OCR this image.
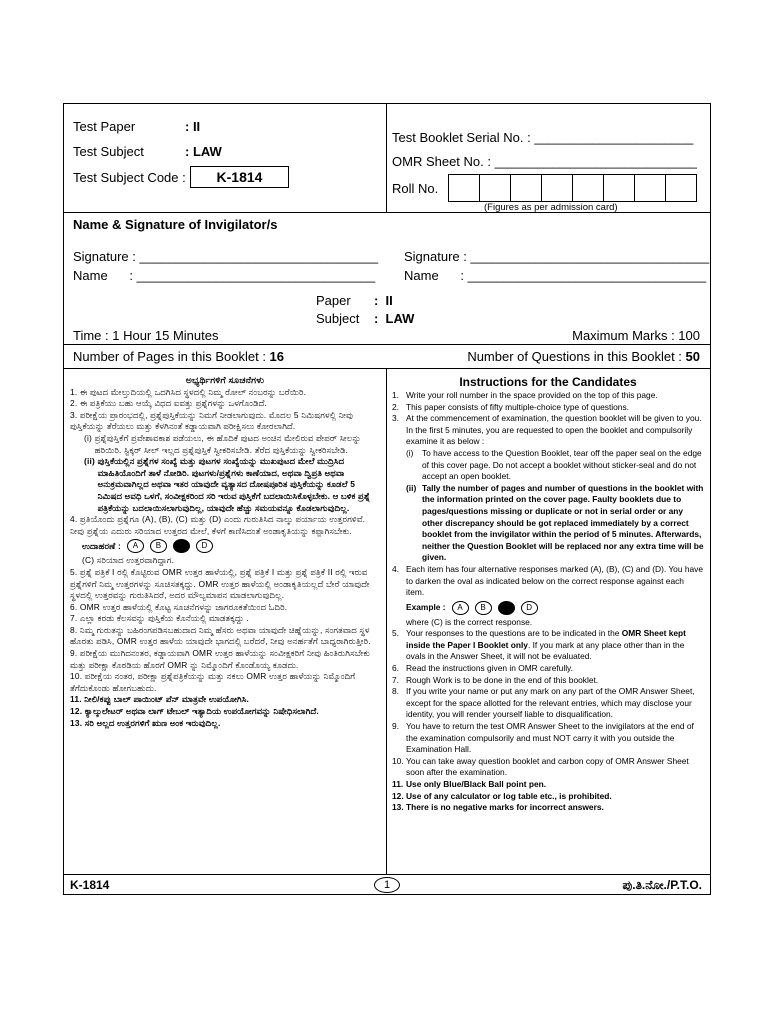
Test Paper	: II
Test Subject	: LAW
Test Subject Code :	K-1814
Test Booklet Serial No. : ______________________
OMR Sheet No. : ____________________________
Roll No.
(Figures as per admission card)
Name & Signature of Invigilator/s
Signature : _________________________________
Name      : _________________________________
Signature : _________________________________
Name      : _________________________________
Paper :  II
Subject :  LAW
Time : 1 Hour 15 Minutes	Maximum Marks : 100
Number of Pages in this Booklet : 16	Number of Questions in this Booklet : 50

ಅಭ್ಯರ್ಥಿಗಳಿಗೆ ಸೂಚನೆಗಳು

1. ಈ ಪುಟದ ಮೇಲ್ತುದಿಯಲ್ಲಿ ಒದಗಿಸಿದ ಸ್ಥಳದಲ್ಲಿ ನಿಮ್ಮ ರೋಲ್ ನಂಬರನ್ನು ಬರೆಯಿರಿ.

2. ಈ ಪತ್ರಿಕೆಯು ಬಹು ಆಯ್ಕೆ ವಿಧದ ಐವತ್ತು ಪ್ರಶ್ನೆಗಳನ್ನು ಒಳಗೊಂಡಿದೆ.

3. ಪರೀಕ್ಷೆಯ ಪ್ರಾರಂಭದಲ್ಲಿ, ಪ್ರಶ್ನೆಪುಸ್ತಿಕೆಯನ್ನು ನಿಮಗೆ ನೀಡಲಾಗುವುದು. ಮೊದಲ 5 ನಿಮಿಷಗಳಲ್ಲಿ ನೀವು ಪುಸ್ತಿಕೆಯನ್ನು ತೆರೆಯಲು ಮತ್ತು ಕೆಳಗಿನಂತೆ ಕಡ್ಡಾಯವಾಗಿ ಪರೀಕ್ಷಿಸಲು ಕೋರಲಾಗಿದೆ.

(i) ಪ್ರಶ್ನೆಪುಸ್ತಿಕೆಗೆ ಪ್ರವೇಶಾವಕಾಶ ಪಡೆಯಲು, ಈ ಹೊದಿಕೆ ಪುಟದ ಅಂಚಿನ ಮೇಲಿರುವ ಪೇಪರ್ ಸೀಲನ್ನು ಹರಿಯಿರಿ. ಸ್ಟಿಕ್ಕರ್ ಸೀಲ್ ಇಲ್ಲದ ಪ್ರಶ್ನೆಪುಸ್ತಿಕೆ ಸ್ವೀಕರಿಸಬೇಡಿ. ತೆರೆದ ಪುಸ್ತಿಕೆಯನ್ನು ಸ್ವೀಕರಿಸಬೇಡಿ.
(ii) ಪುಸ್ತಿಕೆಯಲ್ಲಿನ ಪ್ರಶ್ನೆಗಳ ಸಂಖ್ಯೆ ಮತ್ತು ಪುಟಗಳ ಸಂಖ್ಯೆಯನ್ನು ಮುಖಪುಟದ ಮೇಲೆ ಮುದ್ರಿಸಿದ ಮಾಹಿತಿಯೊಂದಿಗೆ ತಾಳೆ ನೋಡಿರಿ. ಪುಟಗಳು/ಪ್ರಶ್ನೆಗಳು ಕಾಣೆಯಾದ, ಅಥವಾ ದ್ವಿಪ್ರತಿ ಅಥವಾ ಅನುಕ್ರಮವಾಗಿಲ್ಲದ ಅಥವಾ ಇತರ ಯಾವುದೇ ವ್ಯತ್ಯಾಸದ ದೋಷಪೂರಿತ ಪುಸ್ತಿಕೆಯನ್ನು ಕೂಡಲೆ 5 ನಿಮಿಷದ ಅವಧಿ ಒಳಗೆ, ಸಂವೀಕ್ಷಕರಿಂದ ಸರಿ ಇರುವ ಪುಸ್ತಿಕೆಗೆ ಬದಲಾಯಿಸಿಕೊಳ್ಳಬೇಕು. ಆ ಬಳಿಕ ಪ್ರಶ್ನೆ ಪತ್ರಿಕೆಯನ್ನು ಬದಲಾಯಿಸಲಾಗುವುದಿಲ್ಲ, ಯಾವುದೇ ಹೆಚ್ಚು ಸಮಯವನ್ನೂ ಕೊಡಲಾಗುವುದಿಲ್ಲ.

4. ಪ್ರತಿಯೊಂದು ಪ್ರಶ್ನೆಗೂ (A), (B), (C) ಮತ್ತು (D) ಎಂದು ಗುರುತಿಸಿದ ನಾಲ್ಕು ಪರ್ಯಾಯ ಉತ್ತರಗಳಿವೆ. ನೀವು ಪ್ರಶ್ನೆಯ ಎದುರು ಸರಿಯಾದ ಉತ್ತರದ ಮೇಲೆ, ಕೆಳಗೆ ಕಾಣಿಸಿದಂತೆ ಅಂಡಾಕೃತಿಯನ್ನು ಕಪ್ಪಾಗಿಸಬೇಕು.

ಉದಾಹರಣೆ :	A	B	D

(C) ಸರಿಯಾದ ಉತ್ತರವಾಗಿದ್ದಾಗ.

5. ಪ್ರಶ್ನೆ ಪತ್ರಿಕೆ I ರಲ್ಲಿ ಕೊಟ್ಟಿರುವ OMR ಉತ್ತರ ಹಾಳೆಯಲ್ಲಿ, ಪ್ರಶ್ನೆ ಪತ್ರಿಕೆ I ಮತ್ತು ಪ್ರಶ್ನೆ ಪತ್ರಿಕೆ II ರಲ್ಲಿ ಇರುವ ಪ್ರಶ್ನೆಗಳಿಗೆ ನಿಮ್ಮ ಉತ್ತರಗಳನ್ನು ಸೂಚಿಸತಕ್ಕದ್ದು. OMR ಉತ್ತರ ಹಾಳೆಯಲ್ಲಿ ಅಂಡಾಕೃತಿಯಲ್ಲದೆ ಬೇರೆ ಯಾವುದೇ ಸ್ಥಳದಲ್ಲಿ ಉತ್ತರವನ್ನು ಗುರುತಿಸಿದರೆ, ಅದರ ಮೌಲ್ಯಮಾಪನ ಮಾಡಲಾಗುವುದಿಲ್ಲ.

6. OMR ಉತ್ತರ ಹಾಳೆಯಲ್ಲಿ ಕೊಟ್ಟ ಸೂಚನೆಗಳನ್ನು ಜಾಗರೂಕತೆಯಿಂದ ಓದಿರಿ.

7. ಎಲ್ಲಾ ಕರಡು ಕೆಲಸವನ್ನು ಪುಸ್ತಿಕೆಯ ಕೊನೆಯಲ್ಲಿ ಮಾಡತಕ್ಕದ್ದು .

8. ನಿಮ್ಮ ಗುರುತನ್ನು ಬಹಿರಂಗಪಡಿಸಬಹುದಾದ ನಿಮ್ಮ ಹೆಸರು ಅಥವಾ ಯಾವುದೇ ಚಿಹ್ನೆಯನ್ನು, ಸಂಗತವಾದ ಸ್ಥಳ ಹೊರತು ಪಡಿಸಿ, OMR ಉತ್ತರ ಹಾಳೆಯ ಯಾವುದೇ ಭಾಗದಲ್ಲಿ ಬರೆದರೆ, ನೀವು ಅನರ್ಹತೆಗೆ ಬಾಧ್ಯರಾಗಿರುತ್ತೀರಿ.

9. ಪರೀಕ್ಷೆಯ ಮುಗಿದನಂತರ, ಕಡ್ಡಾಯವಾಗಿ OMR ಉತ್ತರ ಹಾಳೆಯನ್ನು ಸಂವೀಕ್ಷಕರಿಗೆ ನೀವು ಹಿಂತಿರುಗಿಸಬೇಕು ಮತ್ತು ಪರೀಕ್ಷಾ ಕೊಠಡಿಯ ಹೊರಗೆ OMR ನ್ನು ನಿಮ್ಮೊಂದಿಗೆ ಕೊಂಡೊಯ್ಯ ಕೂಡದು.

10. ಪರೀಕ್ಷೆಯ ನಂತರ, ಪರೀಕ್ಷಾ ಪ್ರಶ್ನೆಪತ್ರಿಕೆಯನ್ನು ಮತ್ತು ನಕಲು OMR ಉತ್ತರ ಹಾಳೆಯನ್ನು ನಿಮ್ಮೊಂದಿಗೆ ತೆಗೆದುಕೊಂಡು ಹೋಗಬಹುದು.

11. ನೀಲಿ/ಕಪ್ಪು ಬಾಲ್ ಪಾಯಿಂಟ್ ಪೆನ್ ಮಾತ್ರವೇ ಉಪಯೋಗಿಸಿ.

12. ಕ್ಯಾಲ್ಕುಲೇಟರ್ ಅಥವಾ ಲಾಗ್ ಟೇಬಲ್ ಇತ್ಯಾದಿಯ ಉಪಯೋಗವನ್ನು ನಿಷೇಧಿಸಲಾಗಿದೆ.

13. ಸರಿ ಅಲ್ಲದ ಉತ್ತರಗಳಿಗೆ ಋಣ ಅಂಕ ಇರುವುದಿಲ್ಲ.

Instructions for the Candidates

1. Write your roll number in the space provided on the top of this page.
2. This paper consists of fifty multiple-choice type of questions.
3. At the commencement of examination, the question booklet will be given to you. In the first 5 minutes, you are requested to open the booklet and compulsorily examine it as below :
(i)	To have access to the Question Booklet, tear off the paper seal on the edge of this cover page. Do not accept a booklet without sticker-seal and do not accept an open booklet.
(ii) Tally the number of pages and number of questions in the booklet with the information printed on the cover page. Faulty booklets due to pages/questions missing or duplicate or not in serial order or any other discrepancy should be got replaced immediately by a correct booklet from the invigilator within the period of 5 minutes. Afterwards, neither the Question Booklet will be replaced nor any extra time will be given.
4. Each item has four alternative responses marked (A), (B), (C) and (D). You have to darken the oval as indicated below on the correct response against each item.
Example :	A	B	D

where (C) is the correct response.

5. Your responses to the questions are to be indicated in the OMR Sheet kept inside the Paper I Booklet only. If you mark at any place other than in the ovals in the Answer Sheet, it will not be evaluated.
6. Read the instructions given in OMR carefully.
7. Rough Work is to be done in the end of this booklet.
8. If you write your name or put any mark on any part of the OMR Answer Sheet, except for the space allotted for the relevant entries, which may disclose your identity, you will render yourself liable to disqualification.
9. You have to return the test OMR Answer Sheet to the invigilators at the end of the examination compulsorily and must NOT carry it with you outside the Examination Hall.
10. You can take away question booklet and carbon copy of OMR Answer Sheet soon after the examination.
11. Use only Blue/Black Ball point pen.
12. Use of any calculator or log table etc., is prohibited.
13. There is no negative marks for incorrect answers.
K-1814	1	ಪು.ತಿ.ನೋ./P.T.O.
